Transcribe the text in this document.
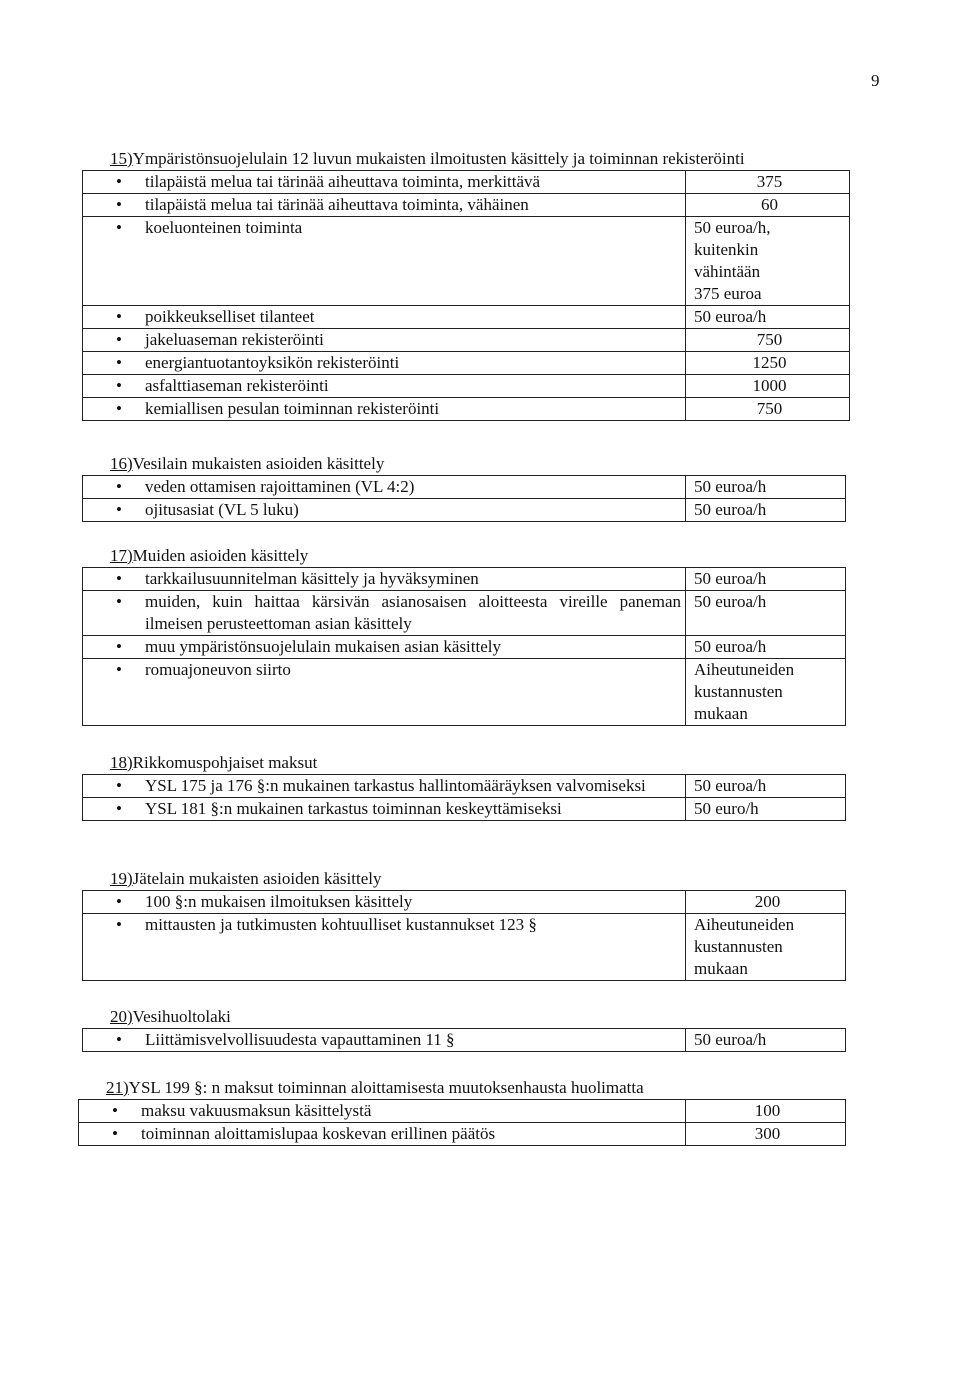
9
15)Ympäristönsuojelulain 12 luvun mukaisten ilmoitusten käsittely ja toiminnan rekisteröinti
• tilapäistä melua tai tärinää aiheuttava toiminta, merkittävä	375

• tilapäistä melua tai tärinää aiheuttava toiminta, vähäinen	60

• koeluonteinen toiminta	50 euroa/h,
kuitenkin
vähintään
375 euroa

• poikkeukselliset tilanteet	50 euroa/h

• jakeluaseman rekisteröinti	750

• energiantuotantoyksikön rekisteröinti	1250

• asfalttiaseman rekisteröinti	1000

• kemiallisen pesulan toiminnan rekisteröinti	750
16)Vesilain mukaisten asioiden käsittely
• veden ottamisen rajoittaminen (VL 4:2)	50 euroa/h

• ojitusasiat (VL 5 luku)	50 euroa/h
17)Muiden asioiden käsittely
• tarkkailusuunnitelman käsittely ja hyväksyminen	50 euroa/h

• muiden, kuin haittaa kärsivän asianosaisen aloitteesta vireille paneman ilmeisen perusteettoman asian käsittely	50 euroa/h

• muu ympäristönsuojelulain mukaisen asian käsittely	50 euroa/h

• romuajoneuvon siirto	Aiheutuneiden
kustannusten
mukaan
18)Rikkomuspohjaiset maksut
• YSL 175 ja 176 §:n mukainen tarkastus hallintomääräyksen valvomiseksi	50 euroa/h

• YSL 181 §:n mukainen tarkastus toiminnan keskeyttämiseksi	50 euro/h
19)Jätelain mukaisten asioiden käsittely
• 100 §:n mukaisen ilmoituksen käsittely	200

• mittausten ja tutkimusten kohtuulliset kustannukset 123 §	Aiheutuneiden
kustannusten
mukaan
20)Vesihuoltolaki
• Liittämisvelvollisuudesta vapauttaminen 11 §	50 euroa/h
21)YSL 199 §: n maksut toiminnan aloittamisesta muutoksenhausta huolimatta
• maksu vakuusmaksun käsittelystä	100

• toiminnan aloittamislupaa koskevan erillinen päätös	300
